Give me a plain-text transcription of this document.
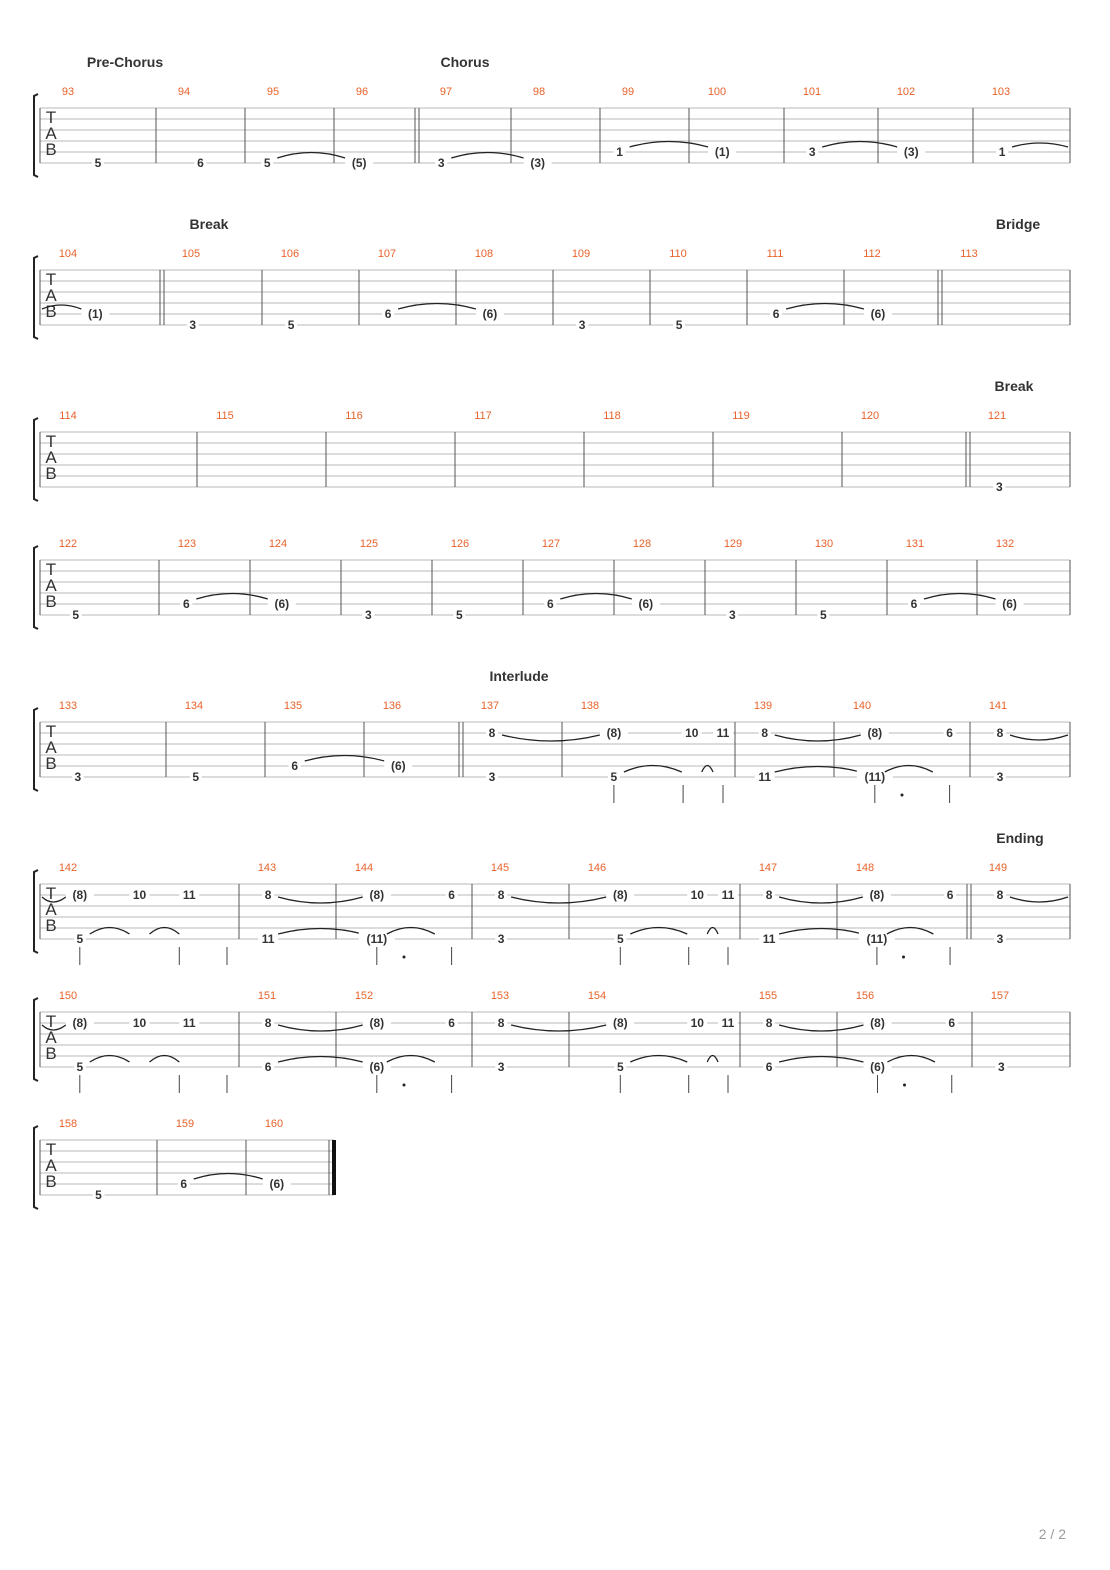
T
A
B
Pre-Chorus	Chorus
93
5
94
6
95
5
96
(5)
97
3
98
(3)
99
1
100
(1)
101
3
102
(3)
103
1
T
A
B
Break	Bridge
104
(1)
105
3
106
5
107
6
108
(6)
109
3
110
5
111
6
112
(6)
113
T
A
B
Break
114	115	116	117	118	119	120	121
3
T
A
B
122
5
123
6
124
(6)
125
3
126
5
127
6
128
(6)
129
3
130
5
131
6
132
(6)
T
A
B
Interlude
133
3
134
5
135
6
136
(6)
137
8
3
138
(8)	10 11
5
139
8
11
140
(8)	6
(11)
141
8
3
T
A
B
Ending
142
(8)	10	11
5
143
8
11
144
(8)	6
(11)
145
8
3
146
(8)	10 11
5
147
8
11
148
(8)	6
(11)
149
8
3
T
A
B
150
(8)	10	11
5
151
8
6
152
(8)	6
(6)
153
8
3
154
(8)	10 11
5
155
8
6
156
(8)	6
(6)
157
3
T
A
B
158
5
159
6
160
(6)
2 / 2
